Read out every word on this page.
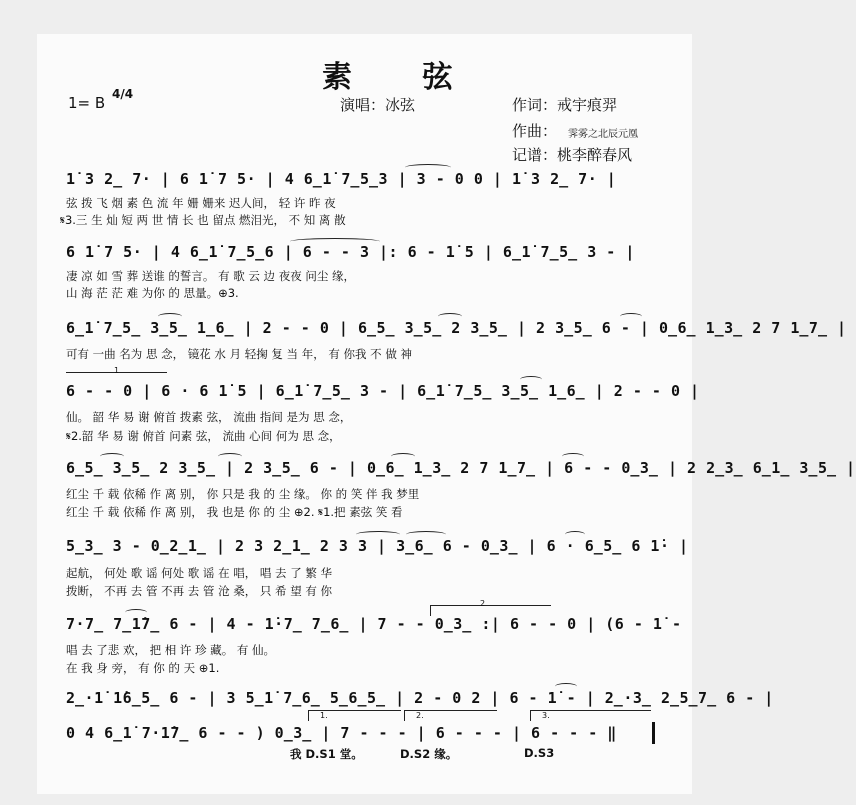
素 弦
1= B 4/4
演唱：冰弦	作词：戒宇痕羿
作曲： 霁雾之北辰元凰
记谱：桃李醉春风
1̇ 3 2̲ 7· | 6 1̇ 7 5· | 4 6̲1̇ 7̲5̲3 | 3 - 0 0 | 1̇ 3 2̲ 7· |
弦 拨 飞 烟 素 色 流 年 姗 姗来 迟人间， 轻 许 昨 夜
𝄋3.三 生 灿 短 两 世 情 长 也 留点 燃泪光， 不 知 离 散
6 1̇ 7 5· | 4 6̲1̇ 7̲5̲6 | 6 - - 3 |: 6 - 1̇ 5 | 6̲1̇ 7̲5̲ 3 - |
凄 凉 如 雪 葬 送谁 的誓言。 有 歌 云 边 夜夜 问尘 缘，
山 海 茫 茫 难 为你 的 思量。⊕3.
6̲1̇ 7̲5̲ 3̲5̲ 1̲6̲ | 2 - - 0 | 6̲5̲ 3̲5̲ 2 3̲5̲ | 2 3̲5̲ 6 - | 0̲6̲ 1̲3̲ 2 7 1̲7̲ |
可有 一曲 名为 思 念， 镜花 水 月 轻掬 复 当 年， 有 你我 不 做 神
1
6 - - 0 | 6 · 6 1̇ 5 | 6̲1̇ 7̲5̲ 3 - | 6̲1̇ 7̲5̲ 3̲5̲ 1̲6̲ | 2 - - 0 |
仙。 韶 华 易 谢 俯首 拨素 弦， 流曲 指间 是为 思 念，
𝄋2.韶 华 易 谢 俯首 问素 弦， 流曲 心间 何为 思 念，
6̲5̲ 3̲5̲ 2 3̲5̲ | 2 3̲5̲ 6 - | 0̲6̲ 1̲3̲ 2 7 1̲7̲ | 6 - - 0̲3̲ | 2 2̲3̲ 6̲1̲ 3̲5̲ |
红尘 千 载 依稀 作 离 别， 你 只是 我 的 尘 缘。 你 的 笑 伴 我 梦里
红尘 千 载 依稀 作 离 别， 我 也是 你 的 尘 ⊕2. 𝄋1.把 素弦 笑 看
5̲3̲ 3 - 0̲2̲1̲ | 2 3 2̲1̲ 2 3 3 | 3̲6̲ 6 - 0̲3̲ | 6 · 6̲5̲ 6 1̇· |
起航， 何处 歌 谣 何处 歌 谣 在 唱， 唱 去 了 繁 华
拨断， 不再 去 管 不再 去 管 沧 桑， 只 希 望 有 你
2
7·7̲ 7̲1̇7̲ 6 - | 4 - 1̇·7̲ 7̲6̲ | 7 - - 0̲3̲ :| 6 - - 0 | (6 - 1̇ -
唱 去 了悲 欢， 把 相 许 珍 藏。 有 仙。
在 我 身 旁， 有 你 的 天 ⊕1.
2̲·1̇ 1̇6̲5̲ 6 - | 3 5̲1̇ 7̲6̲ 5̲6̲5̲ | 2 - 0 2 | 6 - 1̇ - | 2̲·3̲ 2̲5̲7̲ 6 - |
1.	2.	3.
0 4 6̲1̇ 7·1̇7̲ 6 - - ) 0̲3̲ | 7 - - - | 6 - - - | 6 - - - ‖
我 D.S1 堂。	D.S2 缘。	D.S3
